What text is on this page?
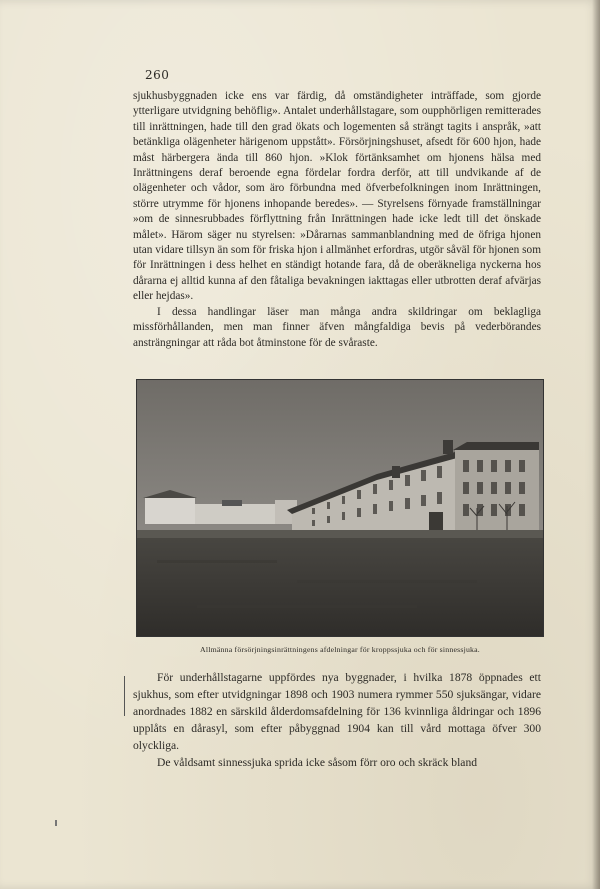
260

sjukhusbyggnaden icke ens var färdig, då omständigheter inträffade, som gjorde ytterligare utvidgning behöflig». Antalet underhållstagare, som oupphörligen remitterades till inrättningen, hade till den grad ökats och logementen så strängt tagits i anspråk, »att betänkliga olägenheter härigenom uppstått». Försörjningshuset, afsedt för 600 hjon, hade måst härbergera ända till 860 hjon. »Klok förtänksamhet om hjonens hälsa med Inrättningens deraf beroende egna fördelar fordra derför, att till undvikande af de olägenheter och vådor, som äro förbundna med öfverbefolkningen inom Inrättningen, större utrymme för hjonens inhopande beredes». — Styrelsens förnyade framställningar »om de sinnesrubbades förflyttning från Inrättningen hade icke ledt till det önskade målet». Härom säger nu styrelsen: »Dårarnas sammanblandning med de öfriga hjonen utan vidare tillsyn än som för friska hjon i allmänhet erfordras, utgör såväl för hjonen som för Inrättningen i dess helhet en ständigt hotande fara, då de oberäkneliga nyckerna hos dårarna ej alltid kunna af den fåtaliga bevakningen iakttagas eller utbrotten deraf afvärjas eller hejdas».

I dessa handlingar läser man många andra skildringar om beklagliga missförhållanden, men man finner äfven mångfaldiga bevis på vederbörandes ansträngningar att råda bot åtminstone för de svåraste.

Allmänna försörjningsinrättningens afdelningar för kroppssjuka och för sinnessjuka.

För underhållstagarne uppfördes nya byggnader, i hvilka 1878 öppnades ett sjukhus, som efter utvidgningar 1898 och 1903 numera rymmer 550 sjuksängar, vidare anordnades 1882 en särskild ålderdomsafdelning för 136 kvinnliga åldringar och 1896 upplåts en dårasyl, som efter påbyggnad 1904 kan till vård mottaga öfver 300 olyckliga.

De våldsamt sinnessjuka sprida icke såsom förr oro och skräck bland
